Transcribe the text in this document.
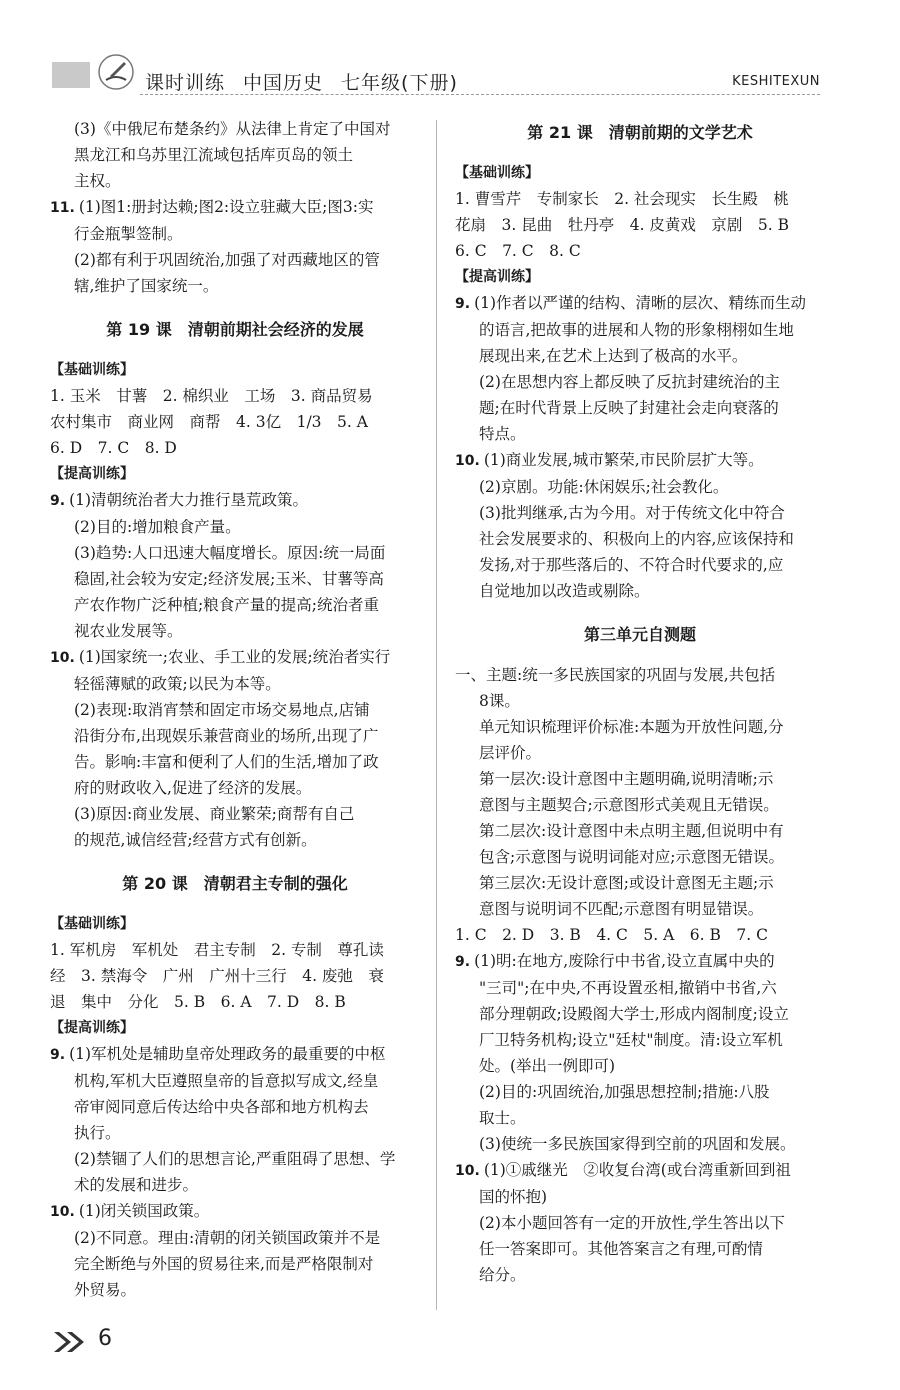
课时训练 中国历史 七年级(下册)	KESHITEXUN
(3)《中俄尼布楚条约》从法律上肯定了中国对
黑龙江和乌苏里江流域包括库页岛的领土
主权。
11. (1)图1:册封达赖;图2:设立驻藏大臣;图3:实
行金瓶掣签制。
(2)都有利于巩固统治,加强了对西藏地区的管
辖,维护了国家统一。
第 19 课　清朝前期社会经济的发展
【基础训练】
1. 玉米　甘薯　2. 棉织业　工场　3. 商品贸易
农村集市　商业网　商帮　4. 3亿　1/3　5. A
6. D　7. C　8. D
【提高训练】
9. (1)清朝统治者大力推行垦荒政策。
(2)目的:增加粮食产量。
(3)趋势:人口迅速大幅度增长。原因:统一局面
稳固,社会较为安定;经济发展;玉米、甘薯等高
产农作物广泛种植;粮食产量的提高;统治者重
视农业发展等。
10. (1)国家统一;农业、手工业的发展;统治者实行
轻徭薄赋的政策;以民为本等。
(2)表现:取消宵禁和固定市场交易地点,店铺
沿街分布,出现娱乐兼营商业的场所,出现了广
告。影响:丰富和便利了人们的生活,增加了政
府的财政收入,促进了经济的发展。
(3)原因:商业发展、商业繁荣;商帮有自己
的规范,诚信经营;经营方式有创新。
第 20 课　清朝君主专制的强化
【基础训练】
1. 军机房　军机处　君主专制　2. 专制　尊孔读
经　3. 禁海令　广州　广州十三行　4. 废弛　衰
退　集中　分化　5. B　6. A　7. D　8. B
【提高训练】
9. (1)军机处是辅助皇帝处理政务的最重要的中枢
机构,军机大臣遵照皇帝的旨意拟写成文,经皇
帝审阅同意后传达给中央各部和地方机构去
执行。
(2)禁锢了人们的思想言论,严重阻碍了思想、学
术的发展和进步。
10. (1)闭关锁国政策。
(2)不同意。理由:清朝的闭关锁国政策并不是
完全断绝与外国的贸易往来,而是严格限制对
外贸易。
第 21 课　清朝前期的文学艺术
【基础训练】
1. 曹雪芹　专制家长　2. 社会现实　长生殿　桃
花扇　3. 昆曲　牡丹亭　4. 皮黄戏　京剧　5. B
6. C　7. C　8. C
【提高训练】
9. (1)作者以严谨的结构、清晰的层次、精练而生动
的语言,把故事的进展和人物的形象栩栩如生地
展现出来,在艺术上达到了极高的水平。
(2)在思想内容上都反映了反抗封建统治的主
题;在时代背景上反映了封建社会走向衰落的
特点。
10. (1)商业发展,城市繁荣,市民阶层扩大等。
(2)京剧。功能:休闲娱乐;社会教化。
(3)批判继承,古为今用。对于传统文化中符合
社会发展要求的、积极向上的内容,应该保持和
发扬,对于那些落后的、不符合时代要求的,应
自觉地加以改造或剔除。
第三单元自测题
一、主题:统一多民族国家的巩固与发展,共包括
8课。
单元知识梳理评价标准:本题为开放性问题,分
层评价。
第一层次:设计意图中主题明确,说明清晰;示
意图与主题契合;示意图形式美观且无错误。
第二层次:设计意图中未点明主题,但说明中有
包含;示意图与说明词能对应;示意图无错误。
第三层次:无设计意图;或设计意图无主题;示
意图与说明词不匹配;示意图有明显错误。
1. C　2. D　3. B　4. C　5. A　6. B　7. C
9. (1)明:在地方,废除行中书省,设立直属中央的
"三司";在中央,不再设置丞相,撤销中书省,六
部分理朝政;设殿阁大学士,形成内阁制度;设立
厂卫特务机构;设立"廷杖"制度。清:设立军机
处。(举出一例即可)
(2)目的:巩固统治,加强思想控制;措施:八股
取士。
(3)使统一多民族国家得到空前的巩固和发展。
10. (1)①戚继光　②收复台湾(或台湾重新回到祖
国的怀抱)
(2)本小题回答有一定的开放性,学生答出以下
任一答案即可。其他答案言之有理,可酌情
给分。
6
